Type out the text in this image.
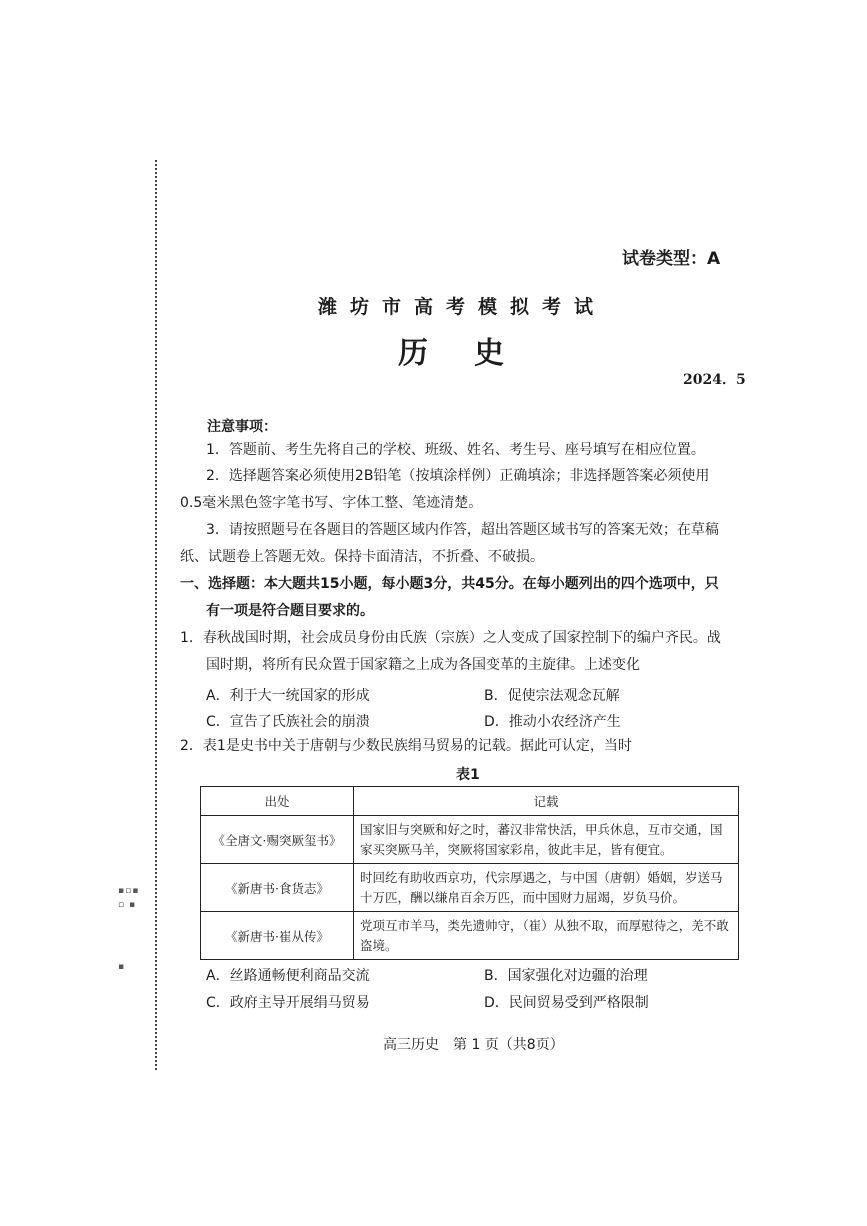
▪▫▪
▫ ▪
▪
试卷类型：A
潍坊市高考模拟考试
历史
2024．5
注意事项：
1．答题前、考生先将自己的学校、班级、姓名、考生号、座号填写在相应位置。
2．选择题答案必须使用2B铅笔（按填涂样例）正确填涂；非选择题答案必须使用
0.5毫米黑色签字笔书写、字体工整、笔迹清楚。
3．请按照题号在各题目的答题区域内作答，超出答题区域书写的答案无效；在草稿
纸、试题卷上答题无效。保持卡面清洁，不折叠、不破损。
一、选择题：本大题共15小题，每小题3分，共45分。在每小题列出的四个选项中，只
有一项是符合题目要求的。
1．春秋战国时期，社会成员身份由氏族（宗族）之人变成了国家控制下的编户齐民。战
国时期，将所有民众置于国家籍之上成为各国变革的主旋律。上述变化
A．利于大一统国家的形成	B．促使宗法观念瓦解
C．宣告了氏族社会的崩溃	D．推动小农经济产生
2．表1是史书中关于唐朝与少数民族绢马贸易的记载。据此可认定，当时
表1
出处	记载
《全唐文·赐突厥玺书》	国家旧与突厥和好之时，蕃汉非常快活，甲兵休息，互市交通，国家买突厥马羊，突厥将国家彩帛，彼此丰足，皆有便宜。
《新唐书·食货志》	时回纥有助收西京功，代宗厚遇之，与中国（唐朝）婚姻，岁送马十万匹，酬以缣帛百余万匹，而中国财力屈竭，岁负马价。
《新唐书·崔从传》	党项互市羊马，类先遗帅守，（崔）从独不取，而厚慰待之，羌不敢盗境。
A．丝路通畅便利商品交流	B．国家强化对边疆的治理
C．政府主导开展绢马贸易	D．民间贸易受到严格限制
高三历史　第 1 页（共8页）
